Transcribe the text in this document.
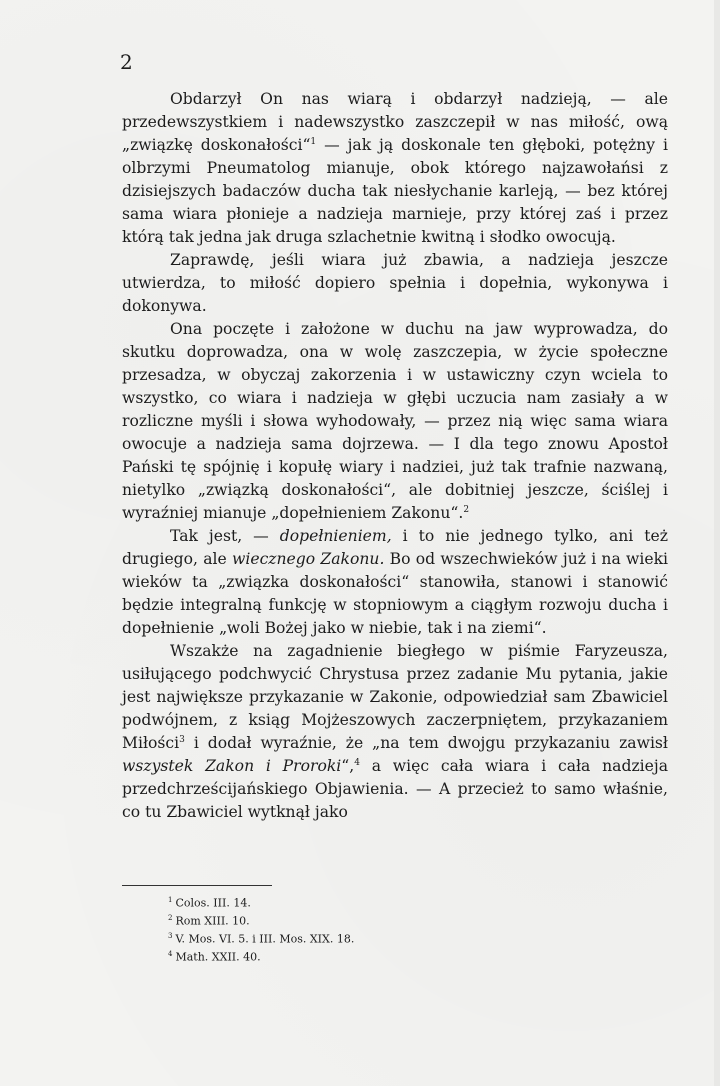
2

Obdarzył On nas wiarą i obdarzył nadzieją, — ale przedewszystkiem i nadewszystko zaszczepił w nas miłość, ową „związkę doskonałości“$^1$ — jak ją doskonale ten głęboki, potężny i olbrzymi Pneumatolog mianuje, obok którego najzawołańsi z dzisiejszych badaczów ducha tak niesłychanie karleją, — bez której sama wiara płonieje a nadzieja marnieje, przy której zaś i przez którą tak jedna jak druga szlachetnie kwitną i słodko owocują.

Zaprawdę, jeśli wiara już zbawia, a nadzieja jeszcze utwierdza, to miłość dopiero spełnia i dopełnia, wykonywa i dokonywa.

Ona poczęte i założone w duchu na jaw wyprowadza, do skutku doprowadza, ona w wolę zaszczepia, w życie społeczne przesadza, w obyczaj zakorzenia i w ustawiczny czyn wciela to wszystko, co wiara i nadzieja w głębi uczucia nam zasiały a w rozliczne myśli i słowa wyhodowały, — przez nią więc sama wiara owocuje a nadzieja sama dojrzewa. — I dla tego znowu Apostoł Pański tę spójnię i kopułę wiary i nadziei, już tak trafnie nazwaną, nietylko „związką doskonałości“, ale dobitniej jeszcze, ściślej i wyraźniej mianuje „dopełnieniem Zakonu“.$^2$

Tak jest, — dopełnieniem, i to nie jednego tylko, ani też drugiego, ale wiecznego Zakonu. Bo od wszechwieków już i na wieki wieków ta „związka doskonałości“ stanowiła, stanowi i stanowić będzie integralną funkcję w stopniowym a ciągłym rozwoju ducha i dopełnienie „woli Bożej jako w niebie, tak i na ziemi“.

Wszakże na zagadnienie biegłego w piśmie Faryzeusza, usiłującego podchwycić Chrystusa przez zadanie Mu pytania, jakie jest największe przykazanie w Zakonie, odpowiedział sam Zbawiciel podwójnem, z ksiąg Mojżeszowych zaczerpniętem, przykazaniem Miłości$^3$ i dodał wyraźnie, że „na tem dwojgu przykazaniu zawisł wszystek Zakon i Proroki“,$^4$ a więc cała wiara i cała nadzieja przedchrześcijańskiego Objawienia. — A przecież to samo właśnie, co tu Zbawiciel wytknął jako

$^1$ Colos. III. 14.
$^2$ Rom XIII. 10.
$^3$ V. Mos. VI. 5. i III. Mos. XIX. 18.
$^4$ Math. XXII. 40.
